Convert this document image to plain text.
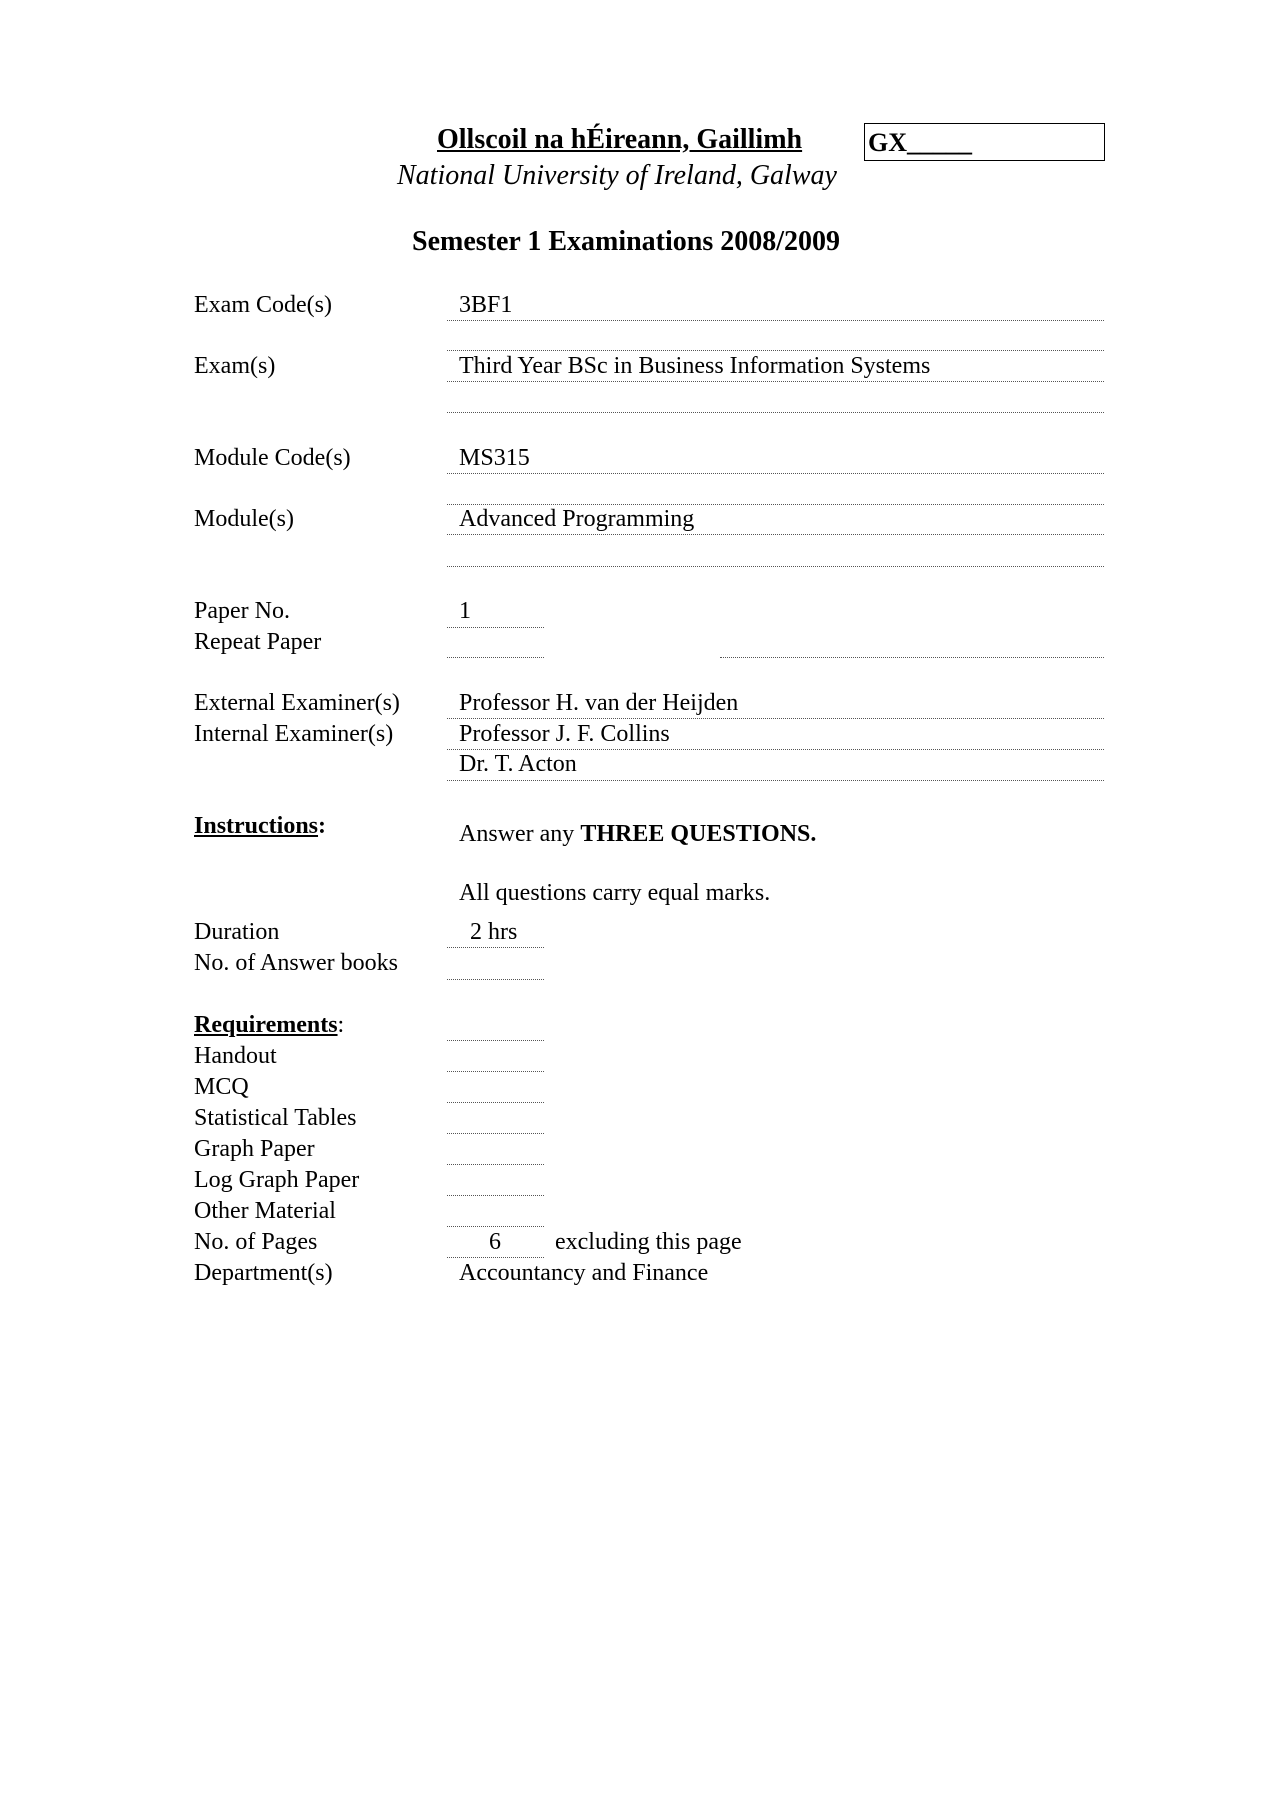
Ollscoil na hÉireann, Gaillimh	GX_____
National University of Ireland, Galway
Semester 1 Examinations 2008/2009
Exam Code(s)	3BF1
Exam(s)	Third Year BSc in Business Information Systems
Module Code(s)	MS315
Module(s)	Advanced Programming
Paper No.	1
Repeat Paper
External Examiner(s) Professor H. van der Heijden
Internal Examiner(s)	Professor J. F. Collins
Dr. T. Acton
Instructions:	Answer any THREE QUESTIONS.
All questions carry equal marks.
Duration	2 hrs
No. of Answer books
Requirements:
Handout
MCQ
Statistical Tables
Graph Paper
Log Graph Paper
Other Material
No. of Pages	6 excluding this page
Department(s)	Accountancy and Finance
